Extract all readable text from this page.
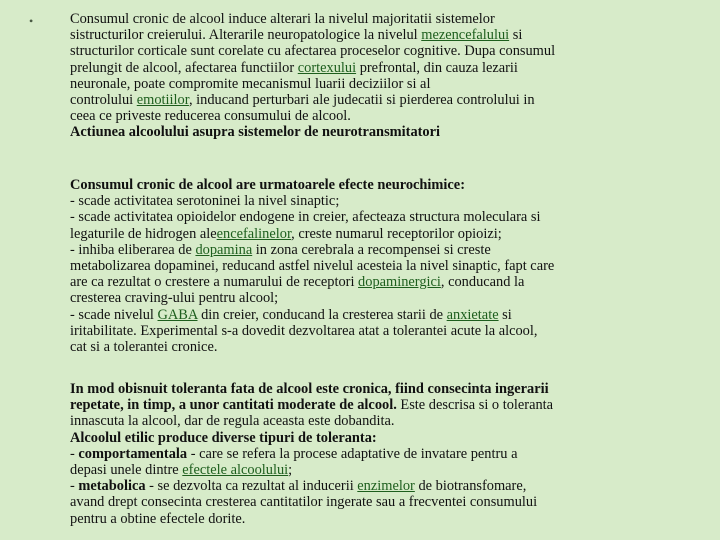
•	Consumul cronic de alcool induce alterari la nivelul majoritatii sistemelor
sistructurilor creierului. Alterarile neuropatologice la nivelul mezencefalului si
structurilor corticale sunt corelate cu afectarea proceselor cognitive. Dupa consumul
prelungit de alcool, afectarea functiilor cortexului prefrontal, din cauza lezarii
neuronale, poate compromite mecanismul luarii deciziilor si al
controlului emotiilor, inducand perturbari ale judecatii si pierderea controlului in
ceea ce priveste reducerea consumului de alcool.
Actiunea alcoolului asupra sistemelor de neurotransmitatori
Consumul cronic de alcool are urmatoarele efecte neurochimice:
- scade activitatea serotoninei la nivel sinaptic;
- scade activitatea opioidelor endogene in creier, afecteaza structura moleculara si
legaturile de hidrogen aleencefalinelor, creste numarul receptorilor opioizi;
- inhiba eliberarea de dopamina in zona cerebrala a recompensei si creste
metabolizarea dopaminei, reducand astfel nivelul acesteia la nivel sinaptic, fapt care
are ca rezultat o crestere a numarului de receptori dopaminergici, conducand la
cresterea craving-ului pentru alcool;
- scade nivelul GABA din creier, conducand la cresterea starii de anxietate si
iritabilitate. Experimental s-a dovedit dezvoltarea atat a tolerantei acute la alcool,
cat si a tolerantei cronice.
In mod obisnuit toleranta fata de alcool este cronica, fiind consecinta ingerarii
repetate, in timp, a unor cantitati moderate de alcool. Este descrisa si o toleranta
innascuta la alcool, dar de regula aceasta este dobandita.
Alcoolul etilic produce diverse tipuri de toleranta:
- comportamentala - care se refera la procese adaptative de invatare pentru a
depasi unele dintre efectele alcoolului;
- metabolica - se dezvolta ca rezultat al inducerii enzimelor de biotransfomare,
avand drept consecinta cresterea cantitatilor ingerate sau a frecventei consumului
pentru a obtine efectele dorite.
